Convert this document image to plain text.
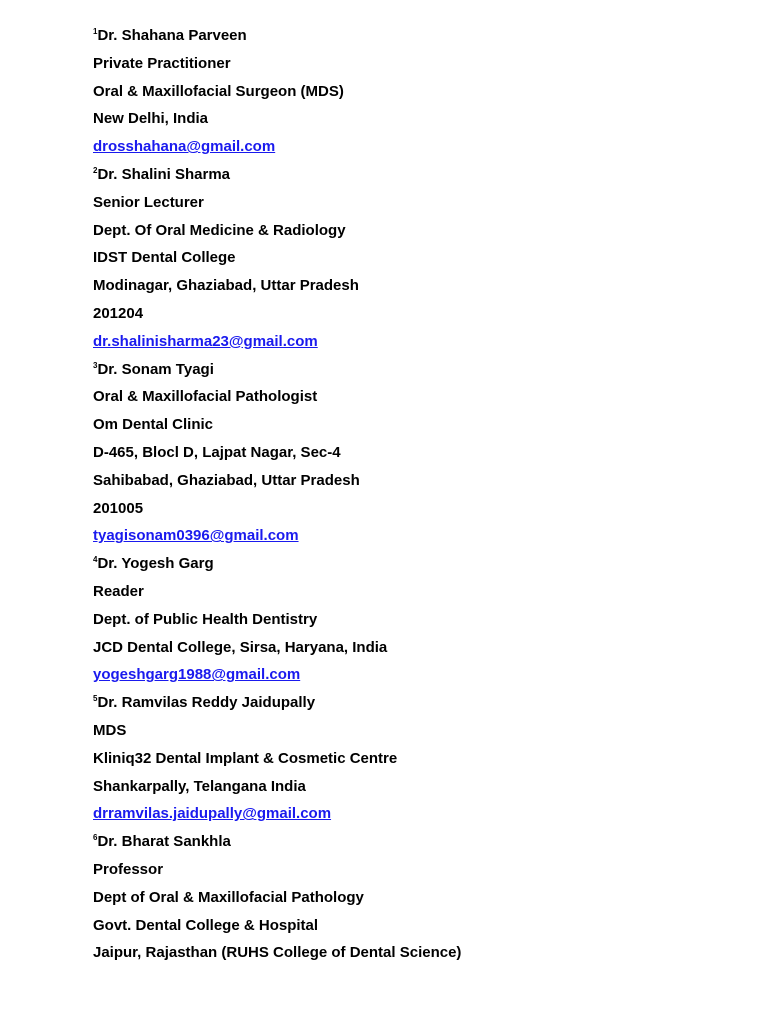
$^1$Dr. Shahana Parveen
Private Practitioner
Oral & Maxillofacial Surgeon (MDS)
New Delhi, India
drosshahana@gmail.com
$^2$Dr. Shalini Sharma
Senior Lecturer
Dept. Of Oral Medicine & Radiology
IDST Dental College
Modinagar, Ghaziabad, Uttar Pradesh
201204
dr.shalinisharma23@gmail.com
$^3$Dr. Sonam Tyagi
Oral & Maxillofacial Pathologist
Om Dental Clinic
D-465, Blocl D, Lajpat Nagar, Sec-4
Sahibabad, Ghaziabad, Uttar Pradesh
201005
tyagisonam0396@gmail.com
$^4$Dr. Yogesh Garg
Reader
Dept. of Public Health Dentistry
JCD Dental College, Sirsa, Haryana, India
yogeshgarg1988@gmail.com
$^5$Dr. Ramvilas Reddy Jaidupally
MDS
Kliniq32 Dental Implant & Cosmetic Centre
Shankarpally, Telangana India
drramvilas.jaidupally@gmail.com
$^6$Dr. Bharat Sankhla
Professor
Dept of Oral & Maxillofacial Pathology
Govt. Dental College & Hospital
Jaipur, Rajasthan (RUHS College of Dental Science)
